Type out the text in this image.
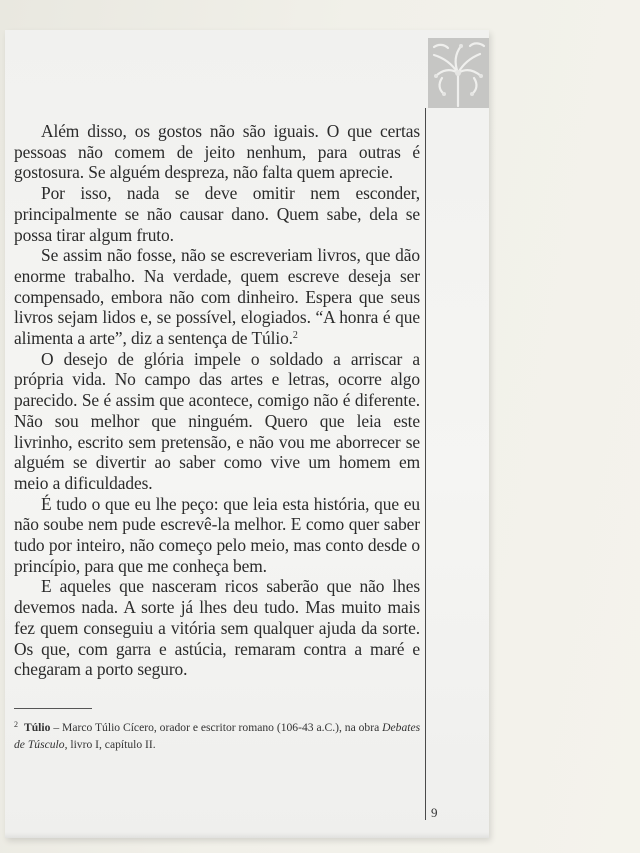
Além disso, os gostos não são iguais. O que certas pessoas não comem de jeito nenhum, para outras é gostosura. Se alguém despreza, não falta quem aprecie.

Por isso, nada se deve omitir nem esconder, principalmente se não causar dano. Quem sabe, dela se possa tirar algum fruto.

Se assim não fosse, não se escreveriam livros, que dão enorme trabalho. Na verdade, quem escreve deseja ser compensado, embora não com dinheiro. Espera que seus livros sejam lidos e, se possível, elogiados. “A honra é que alimenta a arte”, diz a sentença de Túlio.$^2$

O desejo de glória impele o soldado a arriscar a própria vida. No campo das artes e letras, ocorre algo parecido. Se é assim que acontece, comigo não é diferente. Não sou melhor que ninguém. Quero que leia este livrinho, escrito sem pretensão, e não vou me aborrecer se alguém se divertir ao saber como vive um homem em meio a dificuldades.

É tudo o que eu lhe peço: que leia esta história, que eu não soube nem pude escrevê-la melhor. E como quer saber tudo por inteiro, não começo pelo meio, mas conto desde o princípio, para que me conheça bem.

E aqueles que nasceram ricos saberão que não lhes devemos nada. A sorte já lhes deu tudo. Mas muito mais fez quem conseguiu a vitória sem qualquer ajuda da sorte. Os que, com garra e astúcia, remaram contra a maré e chegaram a porto seguro.

$^2$ Túlio – Marco Túlio Cícero, orador e escritor romano (106-43 a.C.), na obra Debates de Túsculo, livro I, capítulo II.
9
